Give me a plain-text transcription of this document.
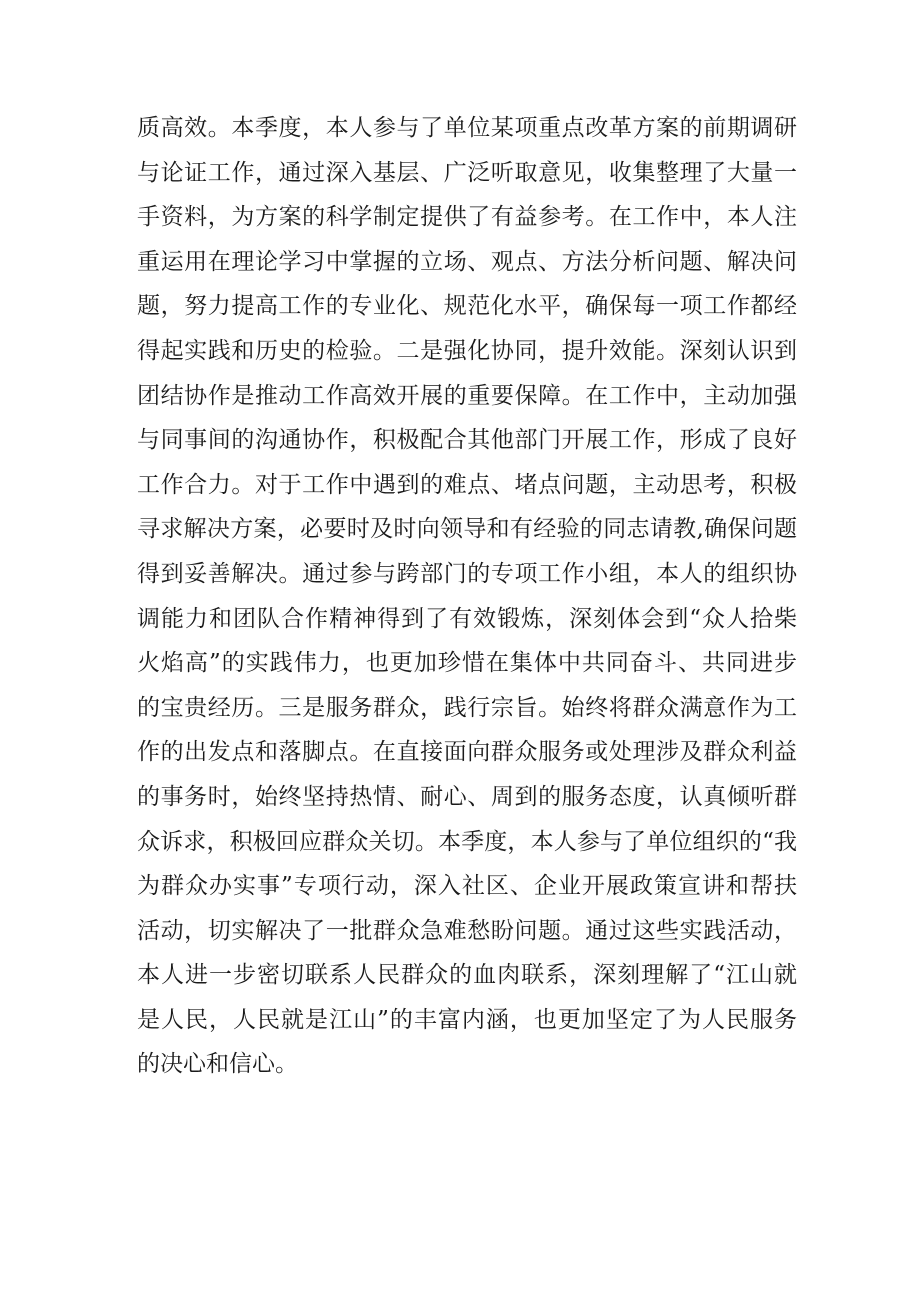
质高效。本季度，本人参与了单位某项重点改革方案的前期调研
与论证工作，通过深入基层、广泛听取意见，收集整理了大量一
手资料，为方案的科学制定提供了有益参考。在工作中，本人注
重运用在理论学习中掌握的立场、观点、方法分析问题、解决问
题，努力提高工作的专业化、规范化水平，确保每一项工作都经
得起实践和历史的检验。二是强化协同，提升效能。深刻认识到
团结协作是推动工作高效开展的重要保障。在工作中，主动加强
与同事间的沟通协作，积极配合其他部门开展工作，形成了良好
工作合力。对于工作中遇到的难点、堵点问题，主动思考，积极
寻求解决方案，必要时及时向领导和有经验的同志请教,确保问题
得到妥善解决。通过参与跨部门的专项工作小组，本人的组织协
调能力和团队合作精神得到了有效锻炼，深刻体会到“众人拾柴
火焰高”的实践伟力，也更加珍惜在集体中共同奋斗、共同进步
的宝贵经历。三是服务群众，践行宗旨。始终将群众满意作为工
作的出发点和落脚点。在直接面向群众服务或处理涉及群众利益
的事务时，始终坚持热情、耐心、周到的服务态度，认真倾听群
众诉求，积极回应群众关切。本季度，本人参与了单位组织的“我
为群众办实事”专项行动，深入社区、企业开展政策宣讲和帮扶
活动，切实解决了一批群众急难愁盼问题。通过这些实践活动，
本人进一步密切联系人民群众的血肉联系，深刻理解了“江山就
是人民，人民就是江山”的丰富内涵，也更加坚定了为人民服务
的决心和信心。
